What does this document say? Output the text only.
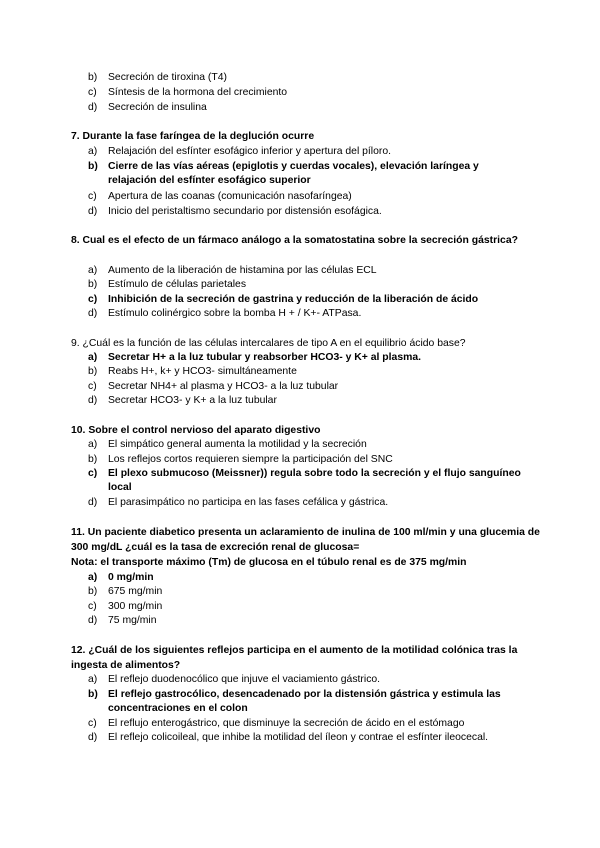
b)	Secreción de tiroxina (T4)
c)	Síntesis de la hormona del crecimiento
d)	Secreción de insulina
7. Durante la fase faríngea de la deglución ocurre
a)	Relajación del esfínter esofágico inferior y apertura del píloro.
b) Cierre de las vías aéreas (epiglotis y cuerdas vocales), elevación laríngea y relajación del esfínter esofágico superior
c)	Apertura de las coanas (comunicación nasofaríngea)
d)	Inicio del peristaltismo secundario por distensión esofágica.
8. Cual es el efecto de un fármaco análogo a la somatostatina sobre la secreción gástrica?
a)	Aumento de la liberación de histamina por las células ECL
b)	Estímulo de células parietales
c)	Inhibición de la secreción de gastrina y reducción de la liberación de ácido
d)	Estímulo colinérgico sobre la bomba H + / K+- ATPasa.
9. ¿Cuál es la función de las células intercalares de tipo A en el equilibrio ácido base?
a)	Secretar H+ a la luz tubular y reabsorber HCO3- y K+ al plasma.
b)	Reabs H+, k+ y HCO3- simultáneamente
c)	Secretar NH4+ al plasma y HCO3- a la luz tubular
d)	Secretar HCO3- y K+ a la luz tubular
10. Sobre el control nervioso del aparato digestivo
a)	El simpático general aumenta la motilidad y la secreción
b)	Los reflejos cortos requieren siempre la participación del SNC
c)	El plexo submucoso (Meissner)) regula sobre todo la secreción y el flujo sanguíneo local
d)	El parasimpático no participa en las fases cefálica y gástrica.
11. Un paciente diabetico presenta un aclaramiento de inulina de 100 ml/min y una glucemia de 300 mg/dL ¿cuál es la tasa de excreción renal de glucosa=
Nota: el transporte máximo (Tm) de glucosa en el túbulo renal es de 375 mg/min
a)	0 mg/min
b)	675 mg/min
c)	300 mg/min
d)	75 mg/min
12. ¿Cuál de los siguientes reflejos participa en el aumento de la motilidad colónica tras la ingesta de alimentos?
a)	El reflejo duodenocólico que injuve el vaciamiento gástrico.
b) El reflejo gastrocólico, desencadenado por la distensión gástrica y estimula las concentraciones en el colon
c)	El reflujo enterogástrico, que disminuye la secreción de ácido en el estómago
d)	El reflejo colicoileal, que inhibe la motilidad del íleon y contrae el esfínter ileocecal.
